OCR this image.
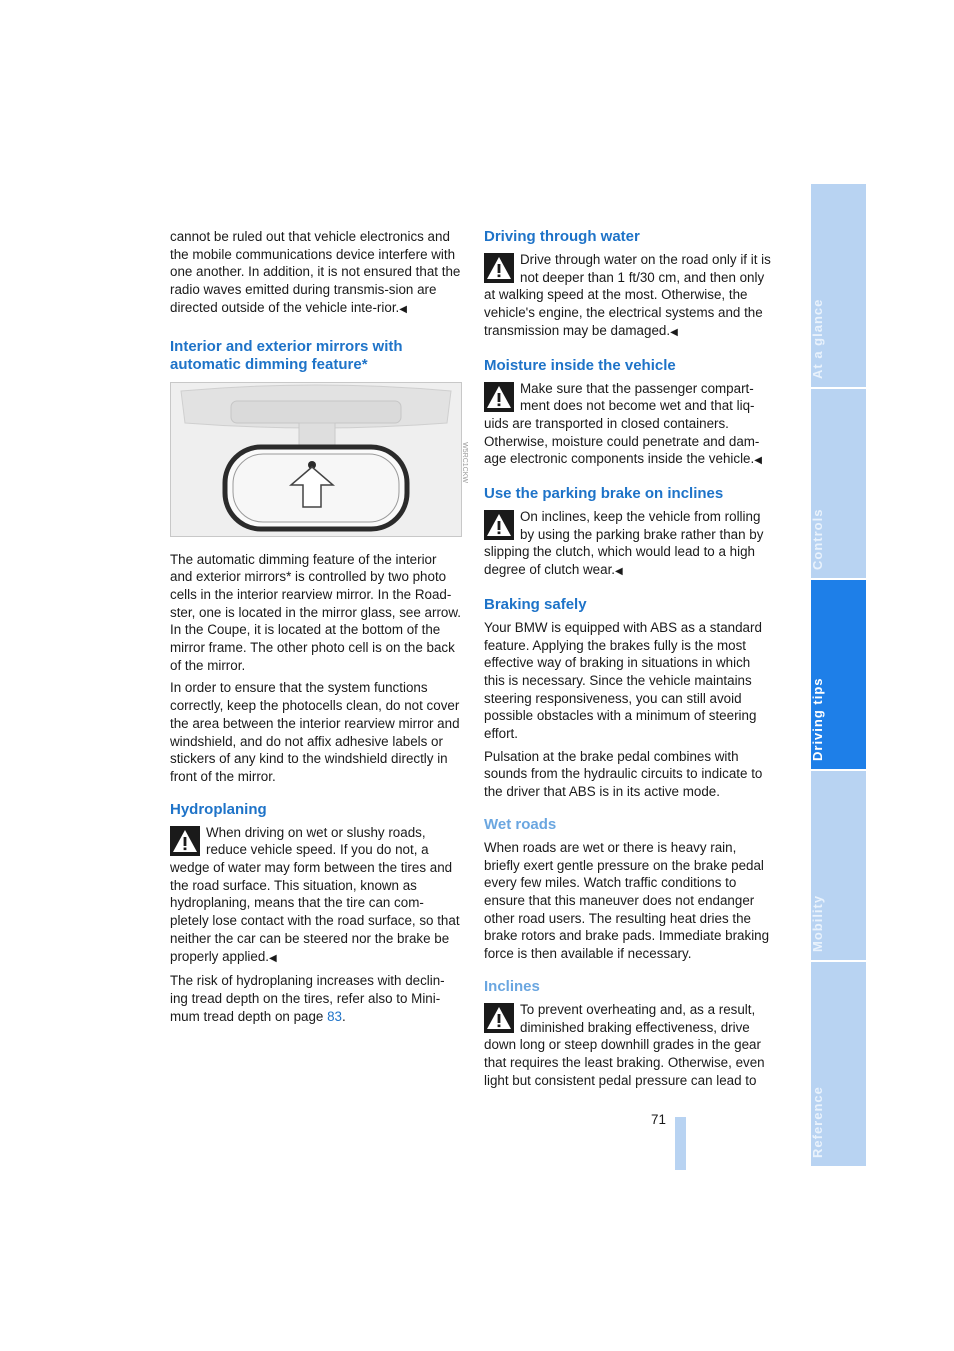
cannot be ruled out that vehicle electronics and the mobile communications device interfere with one another. In addition, it is not ensured that the radio waves emitted during transmis-sion are directed outside of the vehicle inte-rior.◀

Interior and exterior mirrors with automatic dimming feature*
W5RC1CKW

The automatic dimming feature of the interior and exterior mirrors* is controlled by two photo cells in the interior rearview mirror. In the Road-ster, one is located in the mirror glass, see arrow. In the Coupe, it is located at the bottom of the mirror frame. The other photo cell is on the back of the mirror.

In order to ensure that the system functions correctly, keep the photocells clean, do not cover the area between the interior rearview mirror and windshield, and do not affix adhesive labels or stickers of any kind to the windshield directly in front of the mirror.

Hydroplaning

When driving on wet or slushy roads, reduce vehicle speed. If you do not, a wedge of water may form between the tires and the road surface. This situation, known as hydroplaning, means that the tire can com-pletely lose contact with the road surface, so that neither the car can be steered nor the brake be properly applied.◀

The risk of hydroplaning increases with declin-ing tread depth on the tires, refer also to Mini-mum tread depth on page 83.

Driving through water

Drive through water on the road only if it is not deeper than 1 ft/30 cm, and then only at walking speed at the most. Otherwise, the vehicle's engine, the electrical systems and the transmission may be damaged.◀

Moisture inside the vehicle

Make sure that the passenger compart-ment does not become wet and that liq-uids are transported in closed containers. Otherwise, moisture could penetrate and dam-age electronic components inside the vehicle.◀

Use the parking brake on inclines

On inclines, keep the vehicle from rolling by using the parking brake rather than by slipping the clutch, which would lead to a high degree of clutch wear.◀

Braking safely

Your BMW is equipped with ABS as a standard feature. Applying the brakes fully is the most effective way of braking in situations in which this is necessary. Since the vehicle maintains steering responsiveness, you can still avoid possible obstacles with a minimum of steering effort.

Pulsation at the brake pedal combines with sounds from the hydraulic circuits to indicate to the driver that ABS is in its active mode.

Wet roads

When roads are wet or there is heavy rain, briefly exert gentle pressure on the brake pedal every few miles. Watch traffic conditions to ensure that this maneuver does not endanger other road users. The resulting heat dries the brake rotors and brake pads. Immediate braking force is then available if necessary.

Inclines

To prevent overheating and, as a result, diminished braking effectiveness, drive down long or steep downhill grades in the gear that requires the least braking. Otherwise, even light but consistent pedal pressure can lead to

71
At a glance
Controls
Driving tips
Mobility
Reference
